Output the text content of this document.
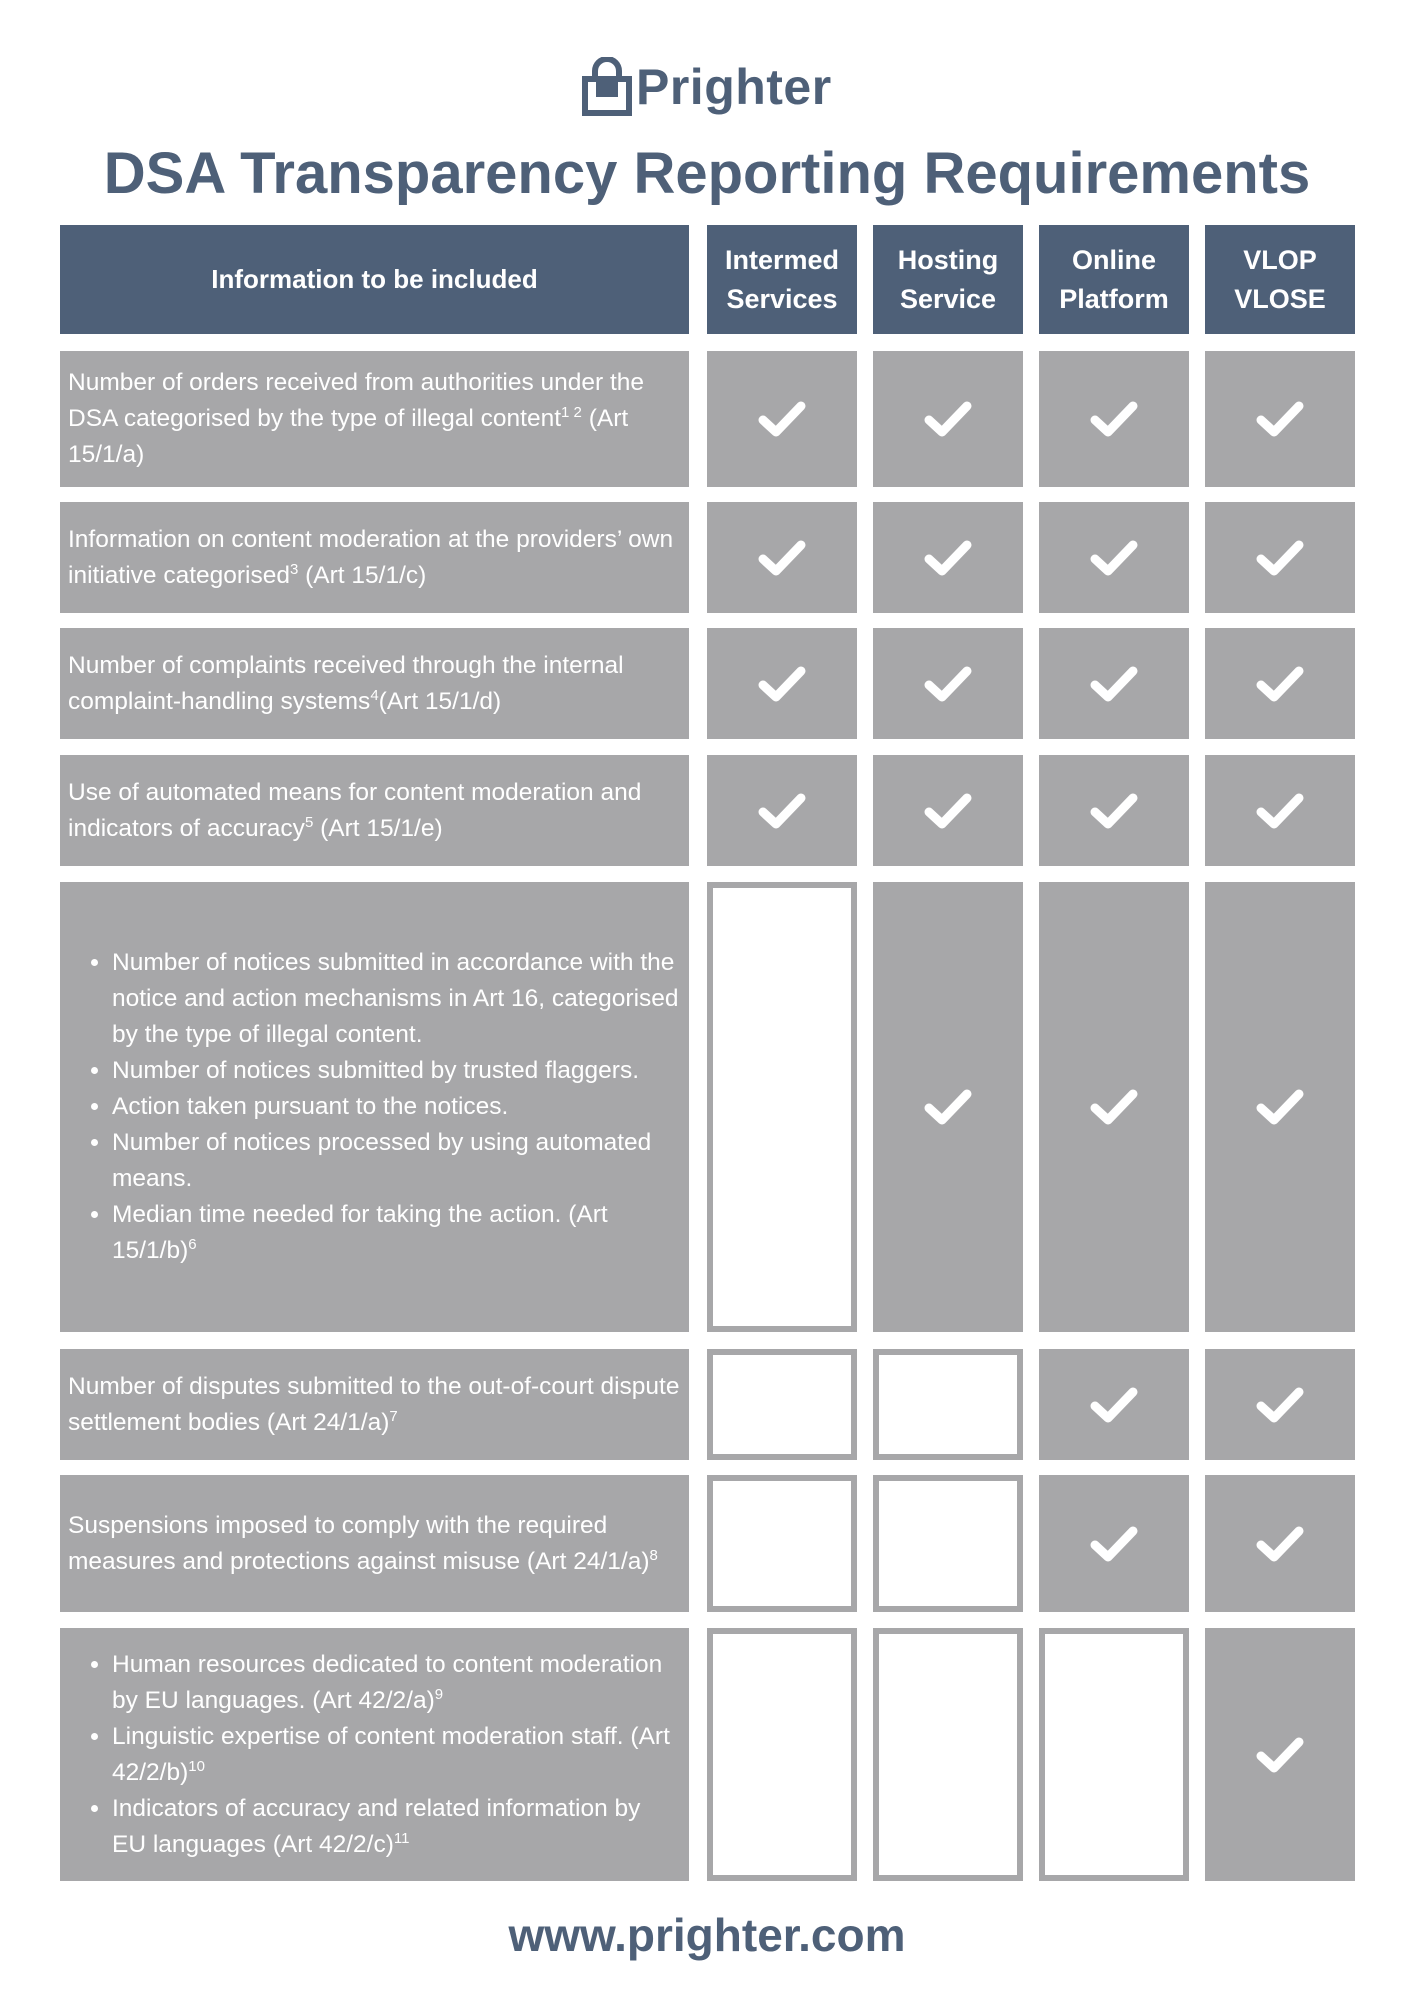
Prighter
DSA Transparency Reporting Requirements
Information to be included
Intermed
Services
Hosting
Service
Online
Platform
VLOP
VLOSE
Number of orders received from authorities under the DSA categorised by the type of illegal content$^{1 2}$ (Art 15/1/a)
Information on content moderation at the providers’ own initiative categorised$^3$ (Art 15/1/c)
Number of complaints received through the internal complaint-handling systems$^4$(Art 15/1/d)
Use of automated means for content moderation and indicators of accuracy$^5$ (Art 15/1/e)
• Number of notices submitted in accordance with the notice and action mechanisms in Art 16, categorised by the type of illegal content.
• Number of notices submitted by trusted flaggers.
• Action taken pursuant to the notices.
• Number of notices processed by using automated means.
• Median time needed for taking the action. (Art 15/1/b)$^6$
Number of disputes submitted to the out-of-court dispute settlement bodies (Art 24/1/a)$^7$
Suspensions imposed to comply with the required measures and protections against misuse (Art 24/1/a)$^8$
• Human resources dedicated to content moderation by EU languages. (Art 42/2/a)$^9$
• Linguistic expertise of content moderation staff. (Art 42/2/b)$^{10}$
• Indicators of accuracy and related information by EU languages (Art 42/2/c)$^{11}$
www.prighter.com
